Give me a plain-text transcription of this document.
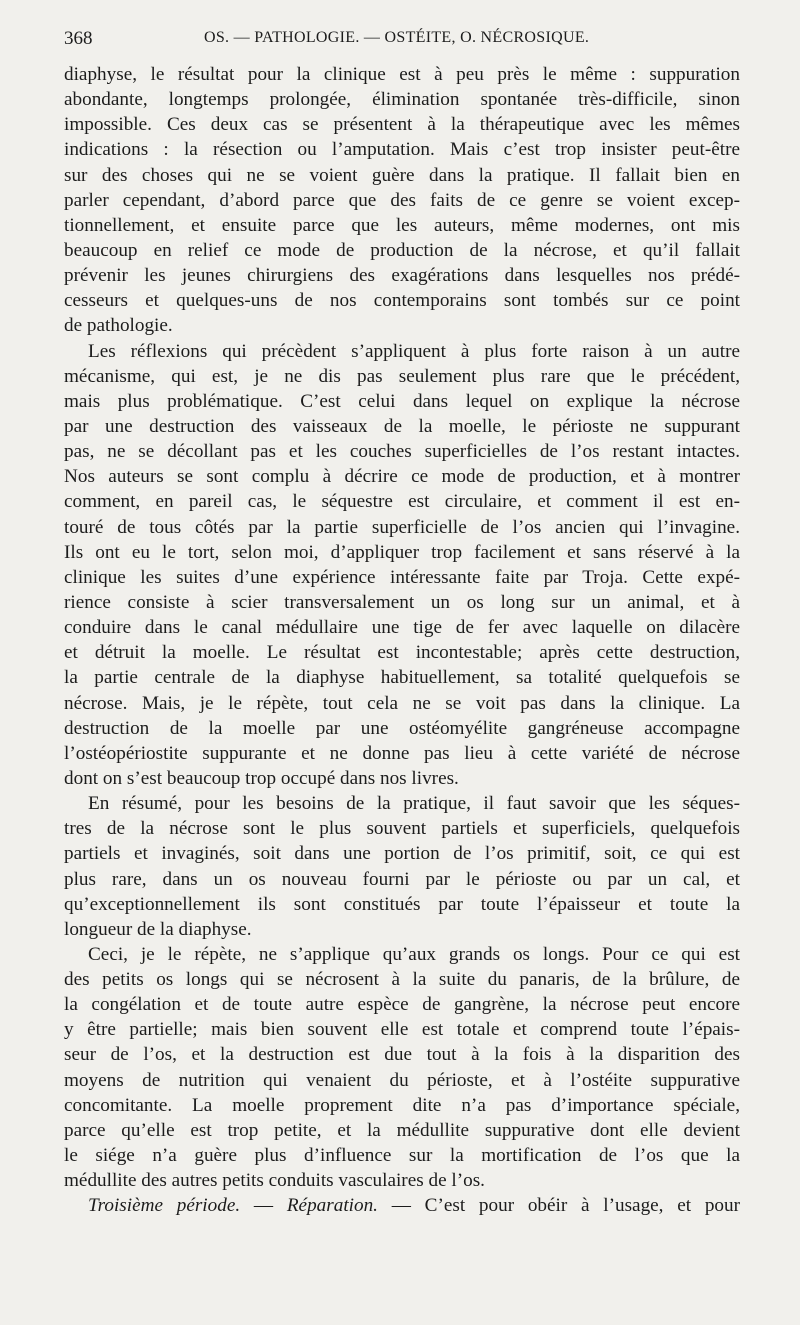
368	OS. — PATHOLOGIE. — OSTÉITE, O. NÉCROSIQUE.
diaphyse, le résultat pour la clinique est à peu près le même : suppuration
abondante, longtemps prolongée, élimination spontanée très-difficile, sinon
impossible. Ces deux cas se présentent à la thérapeutique avec les mêmes
indications : la résection ou l’amputation. Mais c’est trop insister peut-être
sur des choses qui ne se voient guère dans la pratique. Il fallait bien en
parler cependant, d’abord parce que des faits de ce genre se voient excep-
tionnellement, et ensuite parce que les auteurs, même modernes, ont mis
beaucoup en relief ce mode de production de la nécrose, et qu’il fallait
prévenir les jeunes chirurgiens des exagérations dans lesquelles nos prédé-
cesseurs et quelques-uns de nos contemporains sont tombés sur ce point
de pathologie.
Les réflexions qui précèdent s’appliquent à plus forte raison à un autre
mécanisme, qui est, je ne dis pas seulement plus rare que le précédent,
mais plus problématique. C’est celui dans lequel on explique la nécrose
par une destruction des vaisseaux de la moelle, le périoste ne suppurant
pas, ne se décollant pas et les couches superficielles de l’os restant intactes.
Nos auteurs se sont complu à décrire ce mode de production, et à montrer
comment, en pareil cas, le séquestre est circulaire, et comment il est en-
touré de tous côtés par la partie superficielle de l’os ancien qui l’invagine.
Ils ont eu le tort, selon moi, d’appliquer trop facilement et sans réservé à la
clinique les suites d’une expérience intéressante faite par Troja. Cette expé-
rience consiste à scier transversalement un os long sur un animal, et à
conduire dans le canal médullaire une tige de fer avec laquelle on dilacère
et détruit la moelle. Le résultat est incontestable; après cette destruction,
la partie centrale de la diaphyse habituellement, sa totalité quelquefois se
nécrose. Mais, je le répète, tout cela ne se voit pas dans la clinique. La
destruction de la moelle par une ostéomyélite gangréneuse accompagne
l’ostéopériostite suppurante et ne donne pas lieu à cette variété de nécrose
dont on s’est beaucoup trop occupé dans nos livres.
En résumé, pour les besoins de la pratique, il faut savoir que les séques-
tres de la nécrose sont le plus souvent partiels et superficiels, quelquefois
partiels et invaginés, soit dans une portion de l’os primitif, soit, ce qui est
plus rare, dans un os nouveau fourni par le périoste ou par un cal, et
qu’exceptionnellement ils sont constitués par toute l’épaisseur et toute la
longueur de la diaphyse.
Ceci, je le répète, ne s’applique qu’aux grands os longs. Pour ce qui est
des petits os longs qui se nécrosent à la suite du panaris, de la brûlure, de
la congélation et de toute autre espèce de gangrène, la nécrose peut encore
y être partielle; mais bien souvent elle est totale et comprend toute l’épais-
seur de l’os, et la destruction est due tout à la fois à la disparition des
moyens de nutrition qui venaient du périoste, et à l’ostéite suppurative
concomitante. La moelle proprement dite n’a pas d’importance spéciale,
parce qu’elle est trop petite, et la médullite suppurative dont elle devient
le siége n’a guère plus d’influence sur la mortification de l’os que la
médullite des autres petits conduits vasculaires de l’os.
Troisième période. — Réparation. — C’est pour obéir à l’usage, et pour
